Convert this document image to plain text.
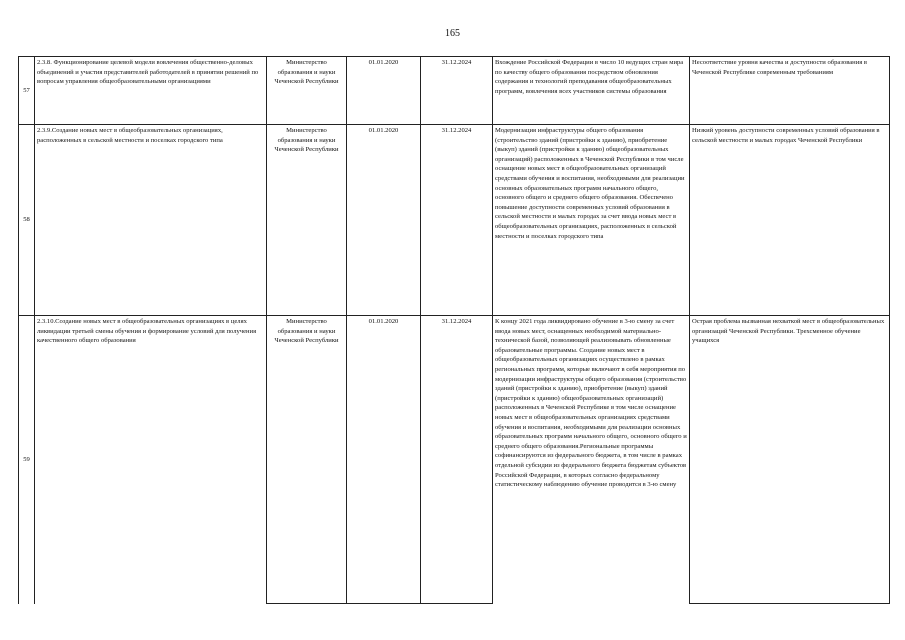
165
57	2.3.8. Функционирование целевой модели вовлечения общественно-деловых объединений и участия представителей работодателей в принятии решений по вопросам управления общеобразовательными организациями	Министерство образования и науки Чеченской Республики	01.01.2020	31.12.2024	Вхождение Российской Федерации в число 10 ведущих стран мира по качеству общего образования посредством обновления содержания и технологий преподавания общеобразовательных программ, вовлечения всех участников системы образования	Несоответствие уровня качества и доступности образования в Чеченской Республике современным требованиям
58	2.3.9.Создание новых мест в общеобразовательных организациях, расположенных в сельской местности и поселках городского типа	Министерство образования и науки Чеченской Республики	01.01.2020	31.12.2024	Модернизация инфраструктуры общего образования (строительство зданий (пристройки к зданию), приобретение (выкуп) зданий (пристройки к зданию) общеобразовательных организаций) расположенных в Чеченской Республики в том числе оснащение новых мест в общеобразовательных организаций средствами обучения и воспитания, необходимыми для реализации основных образовательных программ начального общего, основного общего и среднего общего образования. Обеспечено повышение доступности современных условий образования в сельской местности и малых городах за счет ввода новых мест в общеобразовательных организациях, расположенных в сельской местности и поселках городского типа	Низкий уровень доступности современных условий образования в сельской местности и малых городах Чеченской Республики
59	2.3.10.Создание новых мест в общеобразовательных организациях в целях ликвидации третьей смены обучения и формирование условий для получения качественного общего образования	Министерство образования и науки Чеченской Республики	01.01.2020	31.12.2024	К концу 2021 года ликвидировано обучение в 3-ю смену за счет ввода новых мест, оснащенных необходимой материально-технической базой, позволяющей реализовывать обновленные образовательные программы. Создание новых мест в общеобразовательных организациях осуществлено в рамках региональных программ, которые включают в себя мероприятия по модернизации инфраструктуры общего образования (строительство зданий (пристройки к зданию), приобретение (выкуп) зданий (пристройки к зданию) общеобразовательных организаций) расположенных в Чеченской Республике в том числе оснащение новых мест в общеобразовательных организациях средствами обучения и воспитания, необходимыми для реализации основных образовательных программ начального общего, основного общего и среднего общего образования.Региональные программы софинансируются из федерального бюджета, в том числе в рамках отдельной субсидии из федерального бюджета бюджетам субъектов Российской Федерации, в которых согласно федеральному статистическому наблюдению обучение проводится в 3-ю смену	Острая проблема вызванная нехваткой мест в общеобразовательных организаций Чеченской Республики. Трехсменное обучение учащихся
